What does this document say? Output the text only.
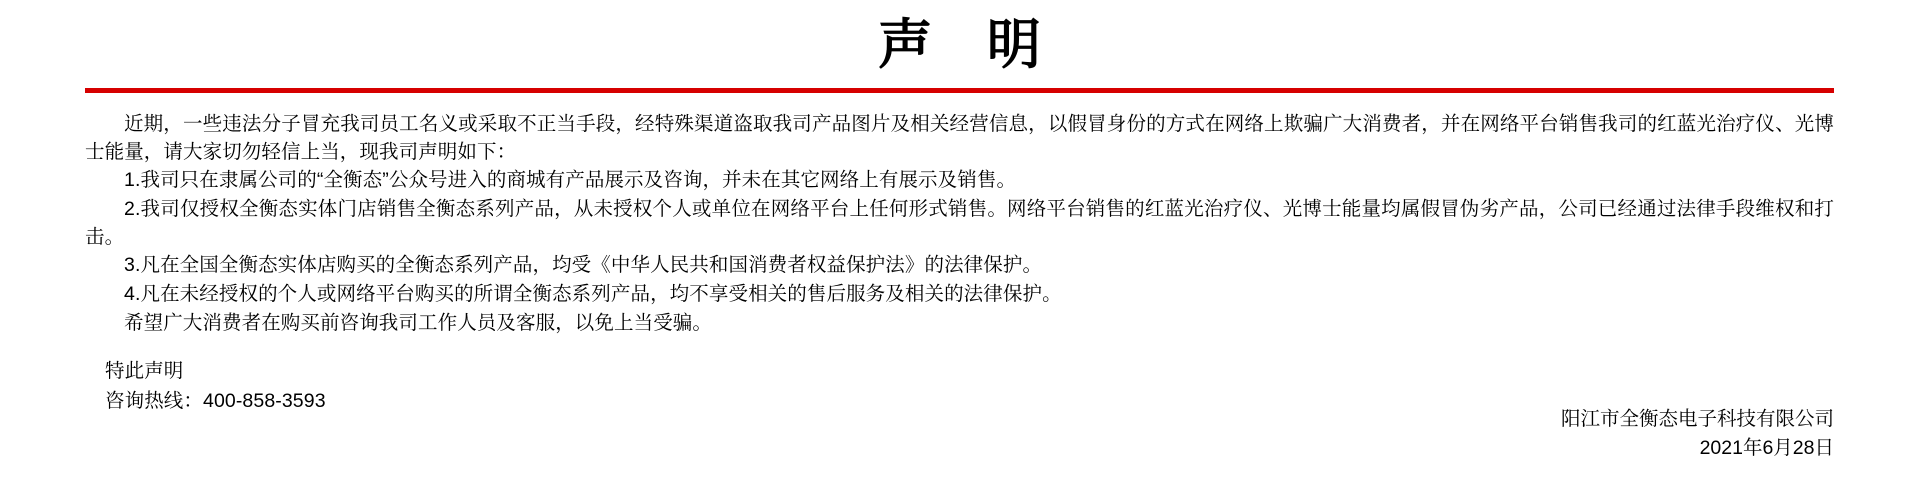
声 明

近期，一些违法分子冒充我司员工名义或采取不正当手段，经特殊渠道盗取我司产品图片及相关经营信息，以假冒身份的方式在网络上欺骗广大消费者，并在网络平台销售我司的红蓝光治疗仪、光博士能量，请大家切勿轻信上当，现我司声明如下：

1.我司只在隶属公司的“全衡态”公众号进入的商城有产品展示及咨询，并未在其它网络上有展示及销售。

2.我司仅授权全衡态实体门店销售全衡态系列产品，从未授权个人或单位在网络平台上任何形式销售。网络平台销售的红蓝光治疗仪、光博士能量均属假冒伪劣产品，公司已经通过法律手段维权和打击。

3.凡在全国全衡态实体店购买的全衡态系列产品，均受《中华人民共和国消费者权益保护法》的法律保护。

4.凡在未经授权的个人或网络平台购买的所谓全衡态系列产品，均不享受相关的售后服务及相关的法律保护。

希望广大消费者在购买前咨询我司工作人员及客服，以免上当受骗。

特此声明
咨询热线：400-858-3593
阳江市全衡态电子科技有限公司
2021年6月28日
